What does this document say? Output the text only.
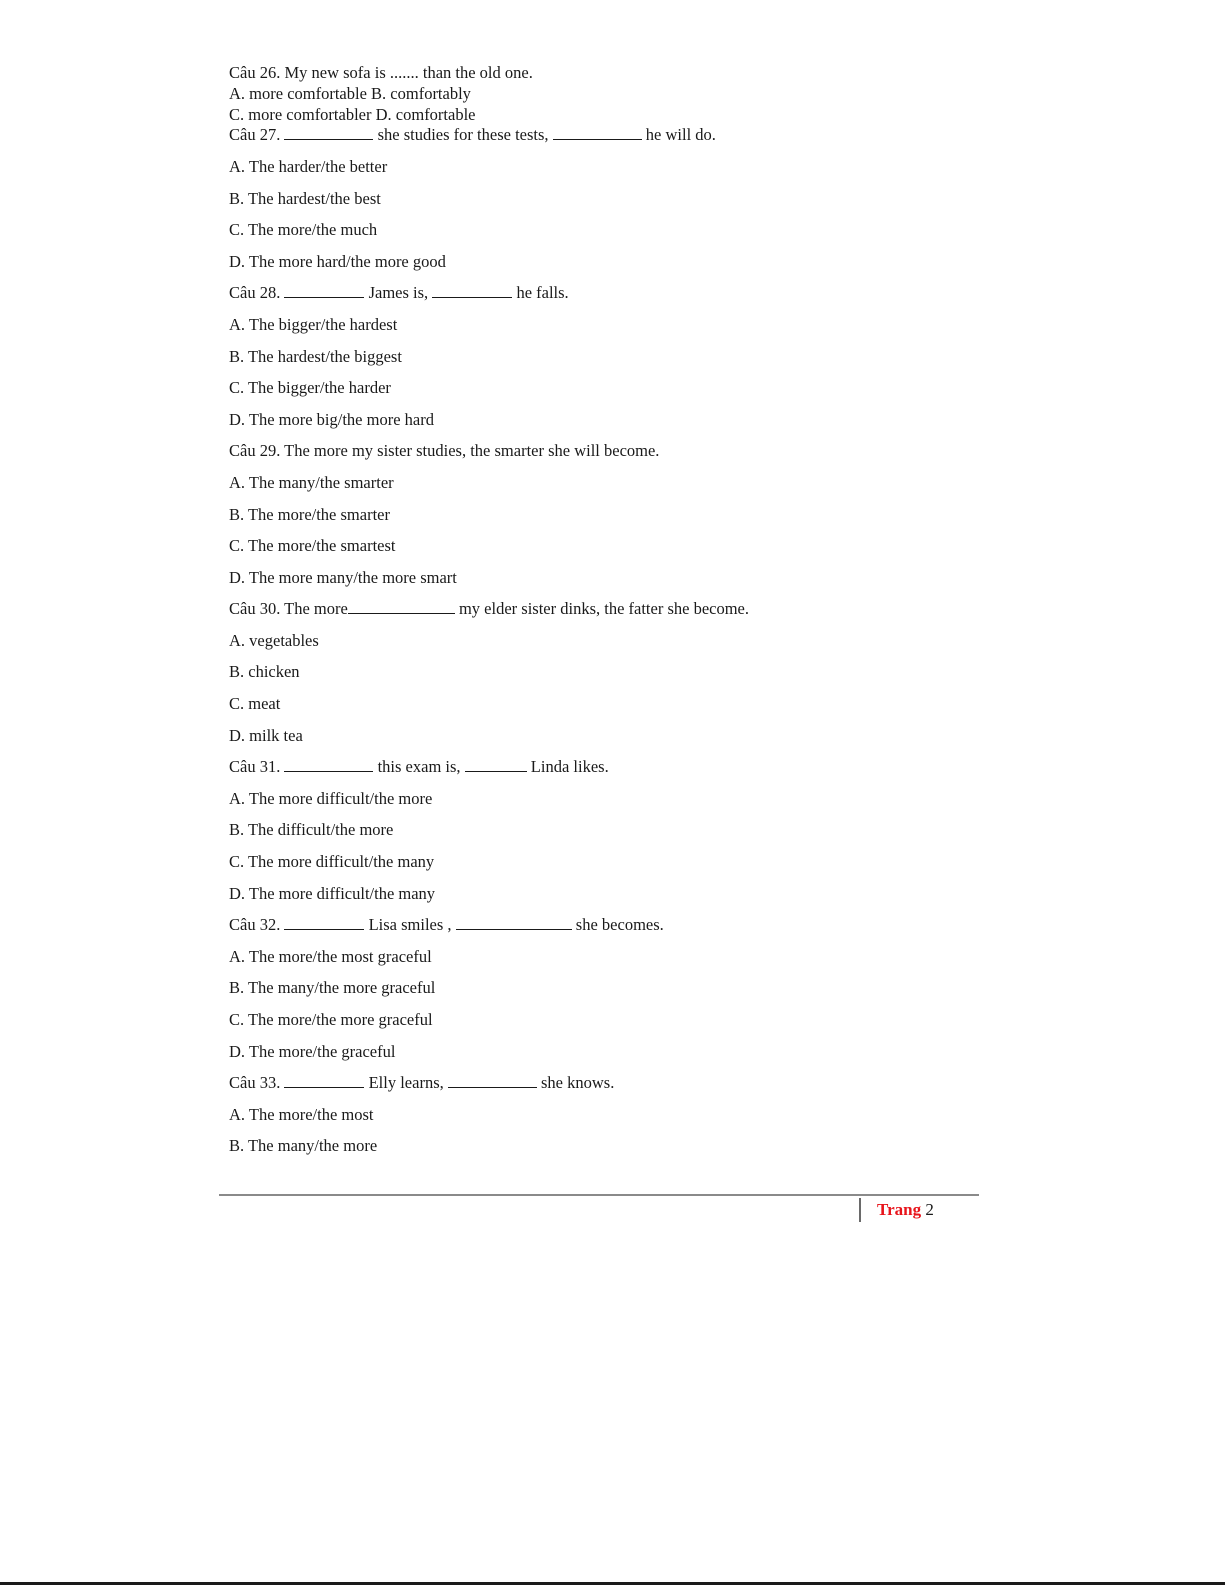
Câu 26. My new sofa is ....... than the old one.

A. more comfortable B. comfortably

C. more comfortabler D. comfortable

Câu 27.	she studies for these tests,	he will do.

A. The harder/the better

B. The hardest/the best

C. The more/the much

D. The more hard/the more good

Câu 28.	James is,	he falls.

A. The bigger/the hardest

B. The hardest/the biggest

C. The bigger/the harder

D. The more big/the more hard

Câu 29. The more my sister studies, the smarter she will become.

A. The many/the smarter

B. The more/the smarter

C. The more/the smartest

D. The more many/the more smart

Câu 30. The more	my elder sister dinks, the fatter she become.

A. vegetables

B. chicken

C. meat

D. milk tea

Câu 31.	this exam is,	Linda likes.

A. The more difficult/the more

B. The difficult/the more

C. The more difficult/the many

D. The more difficult/the many

Câu 32.	Lisa smiles ,	she becomes.

A. The more/the most graceful

B. The many/the more graceful

C. The more/the more graceful

D. The more/the graceful

Câu 33.	Elly learns,	she knows.

A. The more/the most

B. The many/the more

Trang 2
